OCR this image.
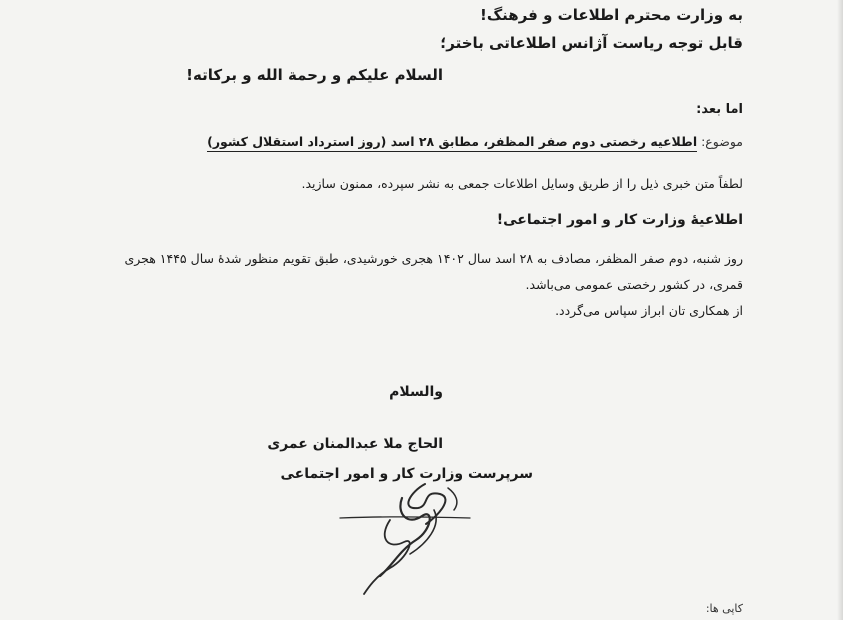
به وزارت محترم اطلاعات و فرهنگ!
قابل توجه ریاست آژانس اطلاعاتی باختر؛
السلام علیکم و رحمة الله و برکاته!
اما بعد:
موضوع: اطلاعیه رخصتی دوم صفر المظفر، مطابق ۲۸ اسد (روز استرداد استقلال کشور)
لطفاً متن خبری ذیل را از طریق وسایل اطلاعات جمعی به نشر سپرده، ممنون سازید.
اطلاعیهٔ وزارت کار و امور اجتماعی!

روز شنبه، دوم صفر المظفر، مصادف به ۲۸ اسد سال ۱۴۰۲ هجری خورشیدی، طبق تقویم منظور شدهٔ سال ۱۴۴۵ هجری

قمری، در کشور رخصتی عمومی می‌باشد.

از همکاری تان ابراز سپاس می‌گردد.

والسلام
الحاج ملا عبدالمنان عمری
سرپرست وزارت کار و امور اجتماعی
کاپی ها:
